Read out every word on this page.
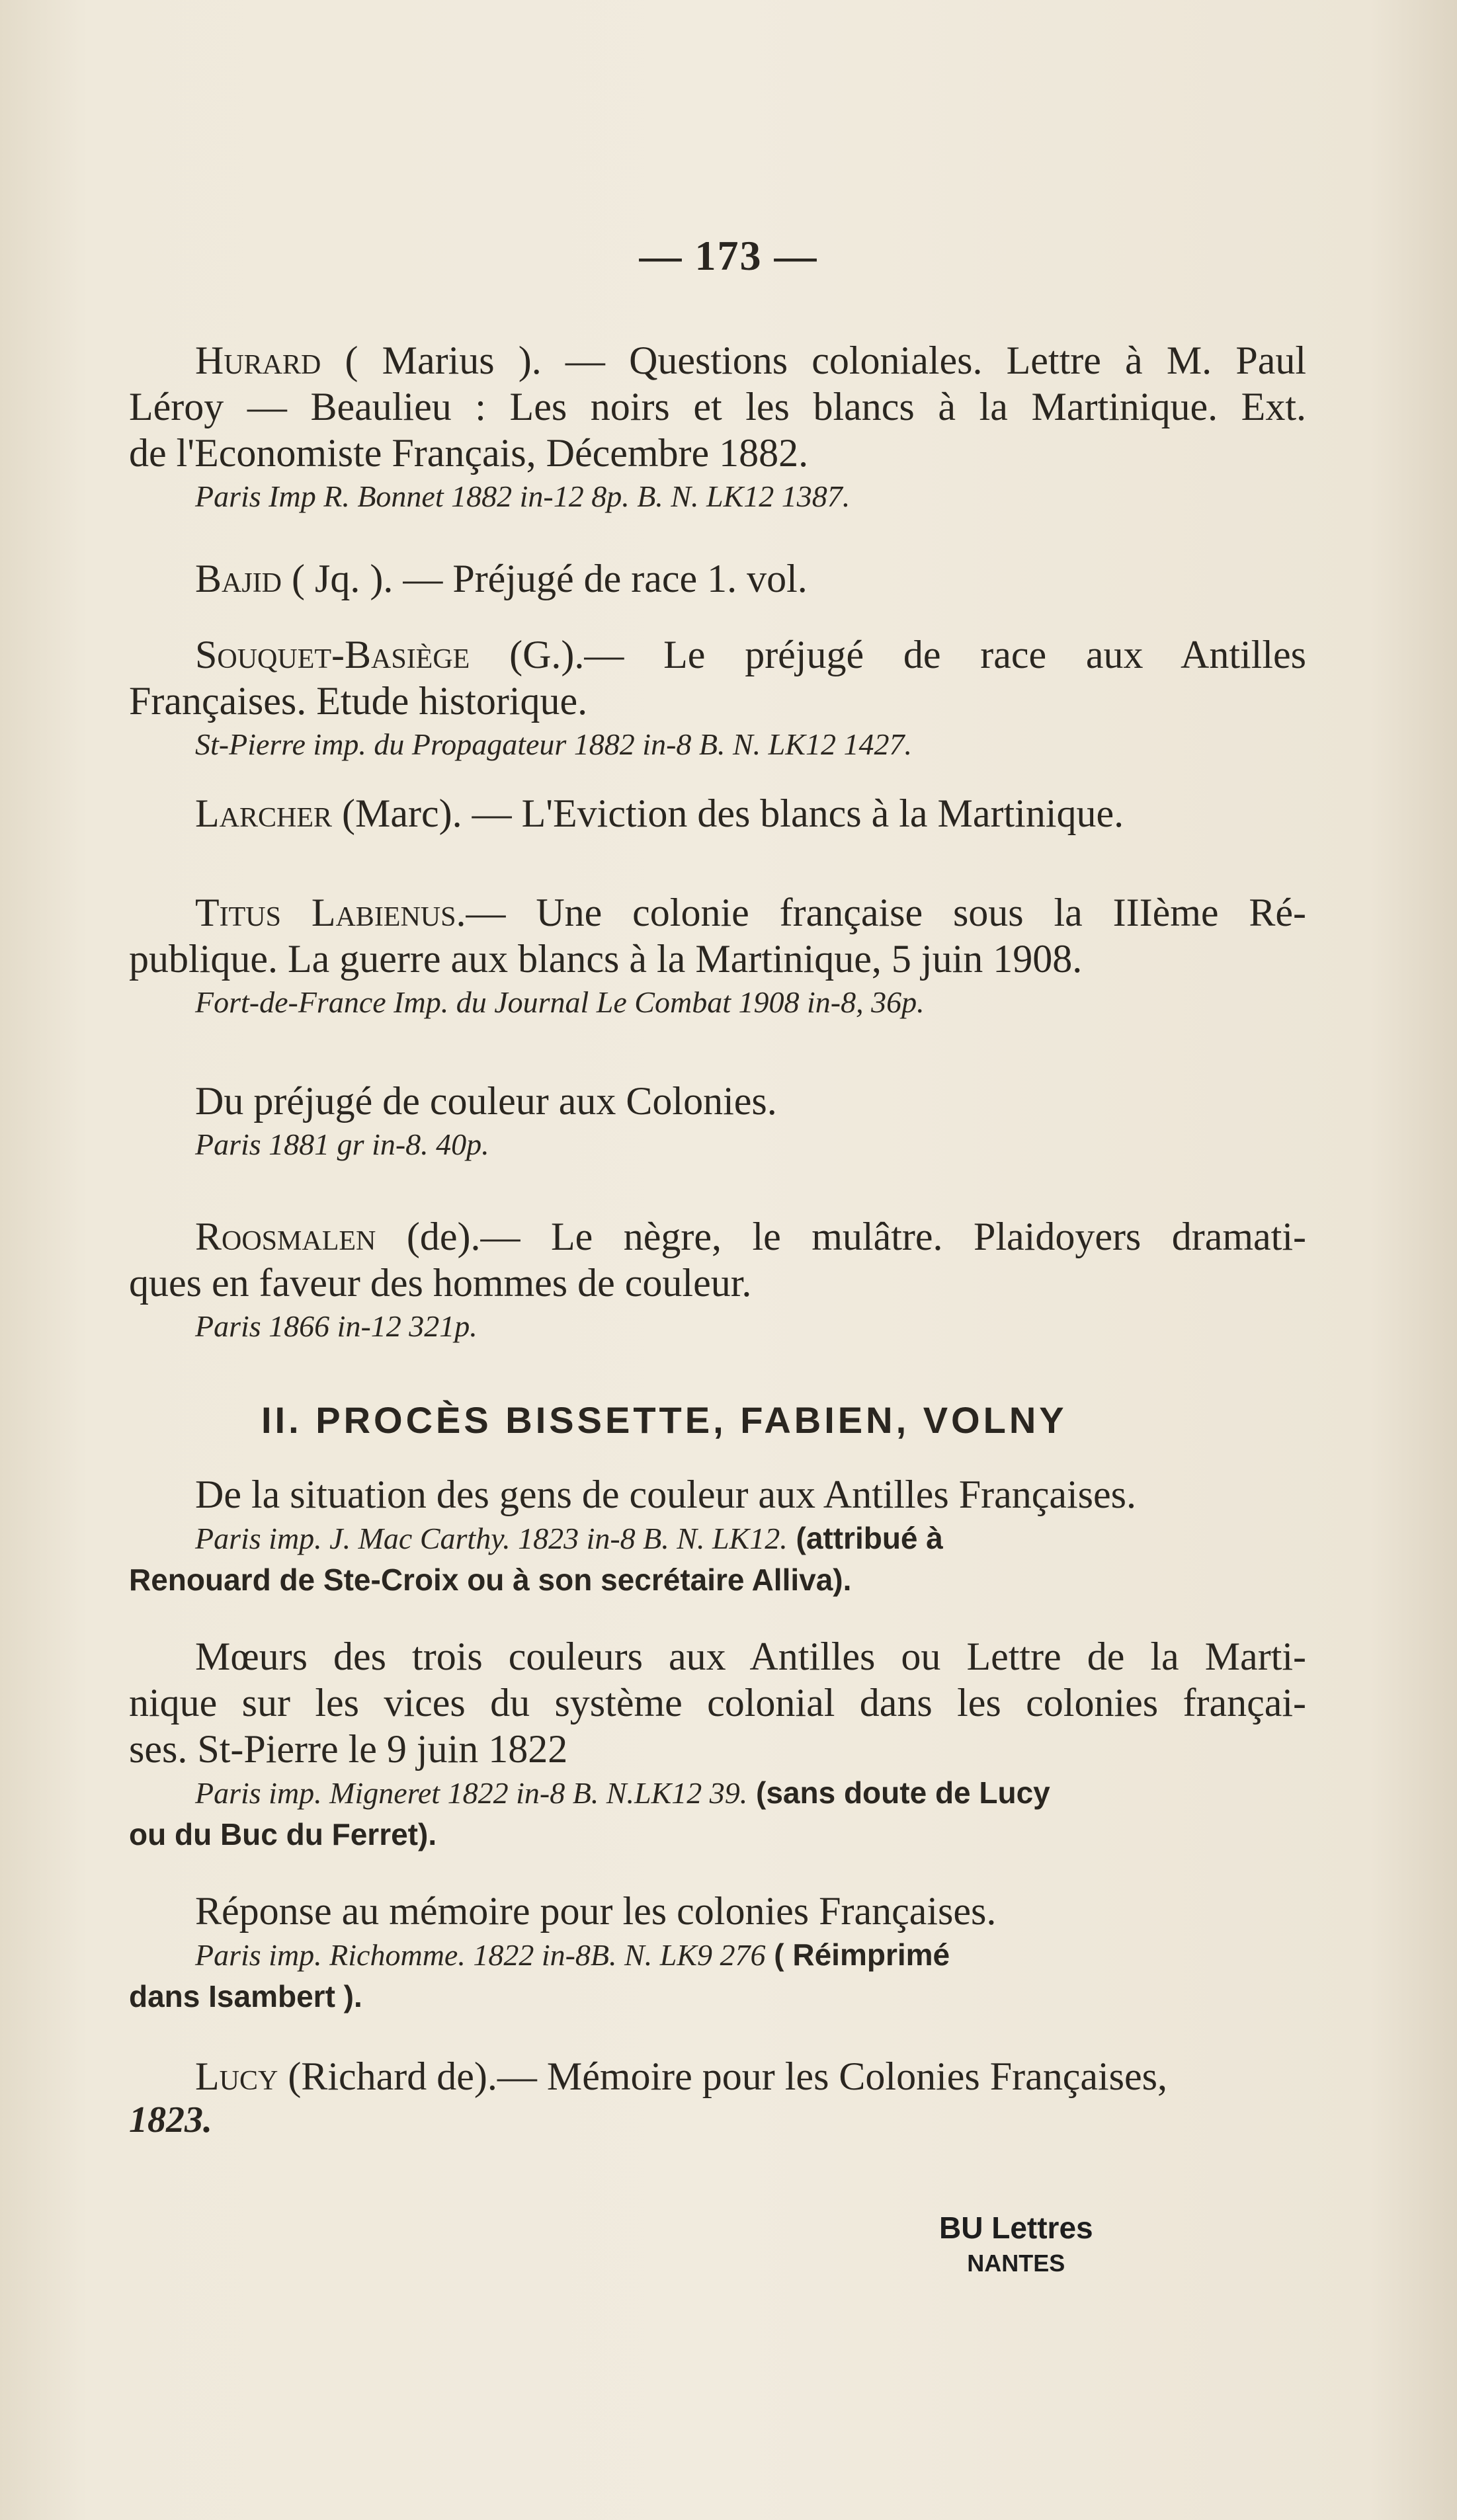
— 173 —
Hurard ( Marius ). — Questions coloniales. Lettre à M. Paul
Léroy — Beaulieu : Les noirs et les blancs à la Martinique. Ext.
de l'Economiste Français, Décembre 1882.
Paris Imp R. Bonnet 1882 in-12 8p. B. N. LK12 1387.
Bajid ( Jq. ). — Préjugé de race 1. vol.
Souquet-Basiège (G.).— Le préjugé de race aux Antilles
Françaises. Etude historique.
St-Pierre imp. du Propagateur 1882 in-8 B. N. LK12 1427.
Larcher (Marc). — L'Eviction des blancs à la Martinique.
Titus Labienus.— Une colonie française sous la IIIème Ré-
publique. La guerre aux blancs à la Martinique, 5 juin 1908.
Fort-de-France Imp. du Journal Le Combat 1908 in-8, 36p.
Du préjugé de couleur aux Colonies.
Paris 1881 gr in-8. 40p.
Roosmalen (de).— Le nègre, le mulâtre. Plaidoyers dramati-
ques en faveur des hommes de couleur.
Paris 1866 in-12 321p.
De la situation des gens de couleur aux Antilles Françaises.
Paris imp. J. Mac Carthy. 1823 in-8 B. N. LK12. (attribué à
Renouard de Ste-Croix ou à son secrétaire Alliva).
Mœurs des trois couleurs aux Antilles ou Lettre de la Marti-
nique sur les vices du système colonial dans les colonies françai-
ses. St-Pierre le 9 juin 1822
Paris imp. Migneret 1822 in-8 B. N.LK12 39. (sans doute de Lucy
ou du Buc du Ferret).
Réponse au mémoire pour les colonies Françaises.
Paris imp. Richomme. 1822 in-8B. N. LK9 276 ( Réimprimé
dans Isambert ).
Lucy (Richard de).— Mémoire pour les Colonies Françaises,
1823.
II. PROCÈS BISSETTE, FABIEN, VOLNY
BU Lettres
NANTES
